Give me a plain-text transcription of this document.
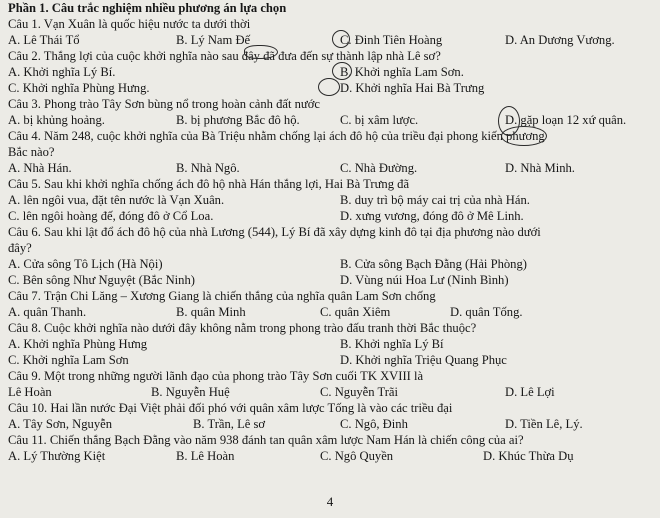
Phần 1. Câu trắc nghiệm nhiều phương án lựa chọn
Câu 1. Vạn Xuân là quốc hiệu nước ta dưới thời
A. Lê Thái Tổ	B. Lý Nam Đế	C. Đinh Tiên Hoàng	D. An Dương Vương.
Câu 2. Thắng lợi của cuộc khởi nghĩa nào sau đây đã đưa đến sự thành lập nhà Lê sơ?
A. Khởi nghĩa Lý Bí.	B. Khởi nghĩa Lam Sơn.
C. Khởi nghĩa Phùng Hưng.	D. Khởi nghĩa Hai Bà Trưng
Câu 3. Phong trào Tây Sơn bùng nổ trong hoàn cảnh đất nước
A. bị khủng hoảng.	B. bị phương Bắc đô hộ.	C. bị xâm lược.	D. gặp loạn 12 xứ quân.
Câu 4. Năm 248, cuộc khởi nghĩa của Bà Triệu nhằm chống lại ách đô hộ của triều đại phong kiến phương
Bắc nào?
A. Nhà Hán.	B. Nhà Ngô.	C. Nhà Đường.	D. Nhà Minh.
Câu 5. Sau khi khởi nghĩa chống ách đô hộ nhà Hán thắng lợi, Hai Bà Trưng đã
A. lên ngôi vua, đặt tên nước là Vạn Xuân.	B. duy trì bộ máy cai trị của nhà Hán.
C. lên ngôi hoàng đế, đóng đô ở Cổ Loa.	D. xưng vương, đóng đô ở Mê Linh.
Câu 6. Sau khi lật đổ ách đô hộ của nhà Lương (544), Lý Bí đã xây dựng kinh đô tại địa phương nào dưới
đây?
A. Cửa sông Tô Lịch (Hà Nội)	B. Cửa sông Bạch Đằng (Hải Phòng)
C. Bên sông Như Nguyệt (Bắc Ninh)	D. Vùng núi Hoa Lư (Ninh Bình)
Câu 7. Trận Chi Lăng – Xương Giang là chiến thắng của nghĩa quân Lam Sơn chống
A. quân Thanh.	B. quân Minh	C. quân Xiêm	D. quân Tống.
Câu 8. Cuộc khởi nghĩa nào dưới đây không nằm trong phong trào đấu tranh thời Bắc thuộc?
A. Khởi nghĩa Phùng Hưng	B. Khởi nghĩa Lý Bí
C. Khởi nghĩa Lam Sơn	D. Khởi nghĩa Triệu Quang Phục
Câu 9. Một trong những người lãnh đạo của phong trào Tây Sơn cuối TK XVIII là
Lê Hoàn	B. Nguyễn Huệ	C. Nguyễn Trãi	D. Lê Lợi
Câu 10. Hai lần nước Đại Việt phải đối phó với quân xâm lược Tống là vào các triều đại
A. Tây Sơn, Nguyễn	B. Trần, Lê sơ	C. Ngô, Đinh	D. Tiền Lê, Lý.
Câu 11. Chiến thắng Bạch Đằng vào năm 938 đánh tan quân xâm lược Nam Hán là chiến công của ai?
A. Lý Thường Kiệt	B. Lê Hoàn	C. Ngô Quyền	D. Khúc Thừa Dụ
4
